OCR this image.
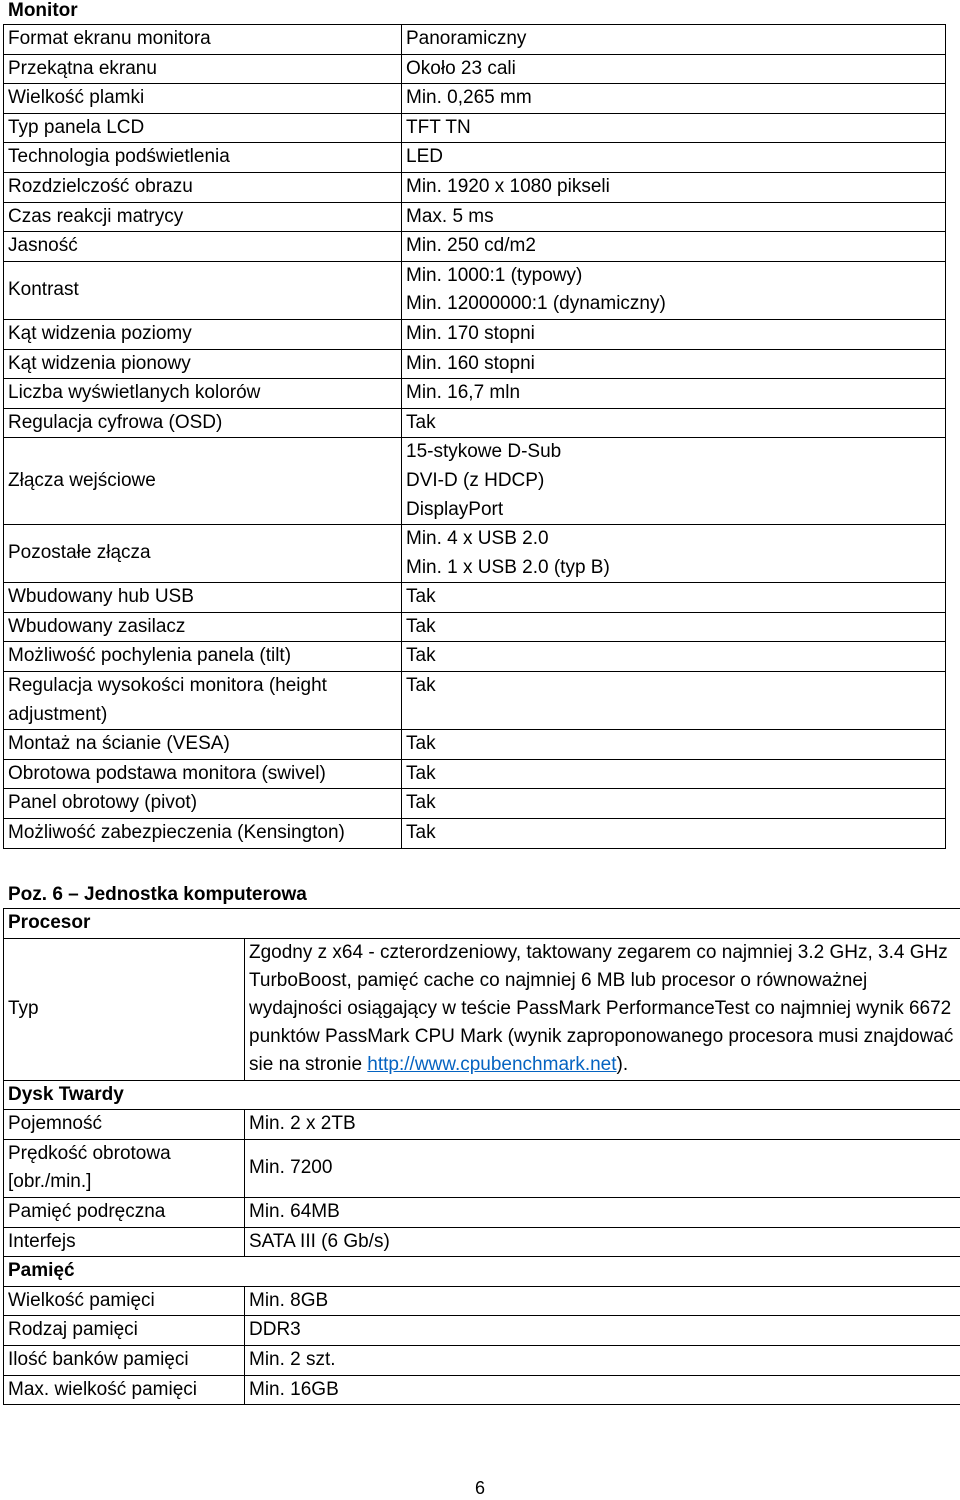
Monitor
Format ekranu monitora	Panoramiczny

Przekątna ekranu	Około 23 cali

Wielkość plamki	Min. 0,265 mm

Typ panela LCD	TFT TN

Technologia podświetlenia	LED

Rozdzielczość obrazu	Min. 1920 x 1080 pikseli

Czas reakcji matrycy	Max. 5 ms

Jasność	Min. 250 cd/m2

Kontrast	Min. 1000:1 (typowy)
Min. 12000000:1 (dynamiczny)

Kąt widzenia poziomy	Min. 170 stopni

Kąt widzenia pionowy	Min. 160 stopni

Liczba wyświetlanych kolorów	Min. 16,7 mln

Regulacja cyfrowa (OSD)	Tak

Złącza wejściowe	15-stykowe D-Sub
DVI-D (z HDCP)
DisplayPort

Pozostałe złącza	Min. 4 x USB 2.0
Min. 1 x USB 2.0 (typ B)

Wbudowany hub USB	Tak

Wbudowany zasilacz	Tak

Możliwość pochylenia panela (tilt)	Tak

Regulacja wysokości monitora (height adjustment)	Tak

Montaż na ścianie (VESA)	Tak

Obrotowa podstawa monitora (swivel)	Tak

Panel obrotowy (pivot)	Tak

Możliwość zabezpieczenia (Kensington)	Tak
Poz. 6 – Jednostka komputerowa
Procesor	
Typ	Zgodny z x64 - czterordzeniowy, taktowany zegarem co najmniej 3.2 GHz, 3.4 GHz TurboBoost, pamięć cache co najmniej 6 MB lub procesor o równoważnej wydajności osiągający w teście PassMark PerformanceTest co najmniej wynik 6672 punktów PassMark CPU Mark (wynik zaproponowanego procesora musi znajdować sie na stronie http://www.cpubenchmark.net).
Dysk Twardy	
Pojemność	Min. 2 x 2TB
Prędkość obrotowa [obr./min.]	Min. 7200
Pamięć podręczna	Min. 64MB
Interfejs	SATA III (6 Gb/s)
Pamięć	
Wielkość pamięci	Min. 8GB
Rodzaj pamięci	DDR3
Ilość banków pamięci	Min. 2 szt.
Max. wielkość pamięci	Min. 16GB
6
